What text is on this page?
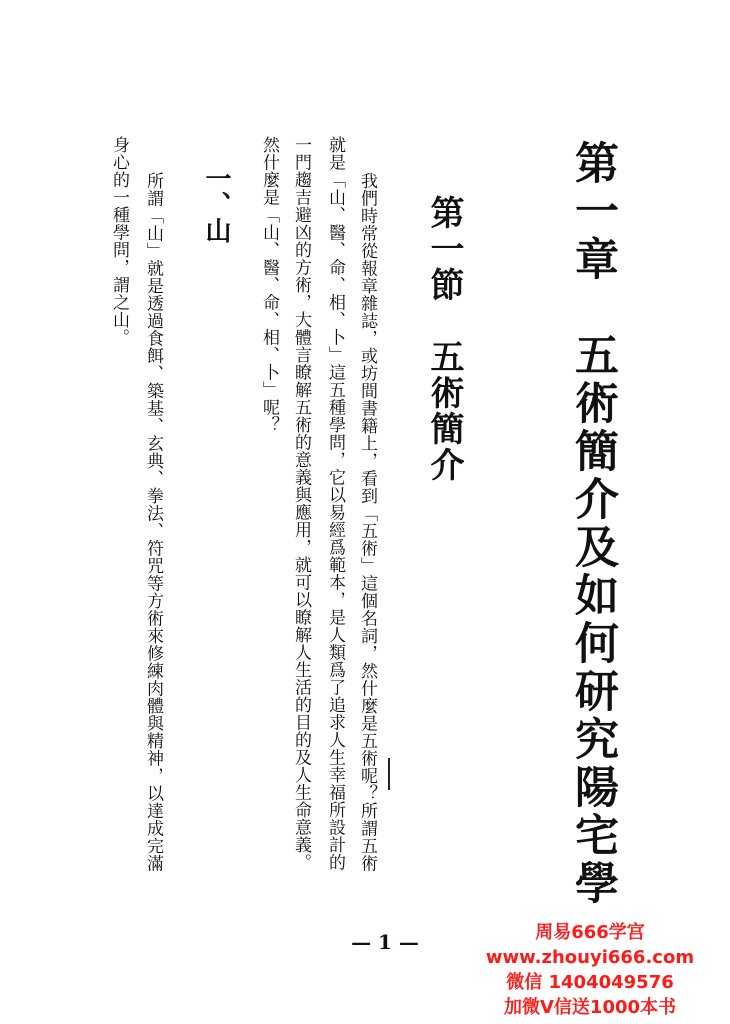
第一章　五術簡介及如何研究陽宅學
第一節　五術簡介
我們時常從報章雜誌，或坊間書籍上，看到「五術」這個名詞，然什麼是五術呢？所謂五術
就是「山、醫、命、相、卜」這五種學問，它以易經爲範本，是人類爲了追求人生幸福所設計的
一門趨吉避凶的方術，大體言瞭解五術的意義與應用，就可以瞭解人生活的目的及人生命意義。
然什麼是「山、醫、命、相、卜」呢？
一、山
所謂「山」就是透過食餌、築基、玄典、拳法、符咒等方術來修練肉體與精神，以達成完滿
身心的一種學問，謂之山。
— 1 —	周易666学宫
www.zhouyi666.com
微信 1404049576
加微V信送1000本书
